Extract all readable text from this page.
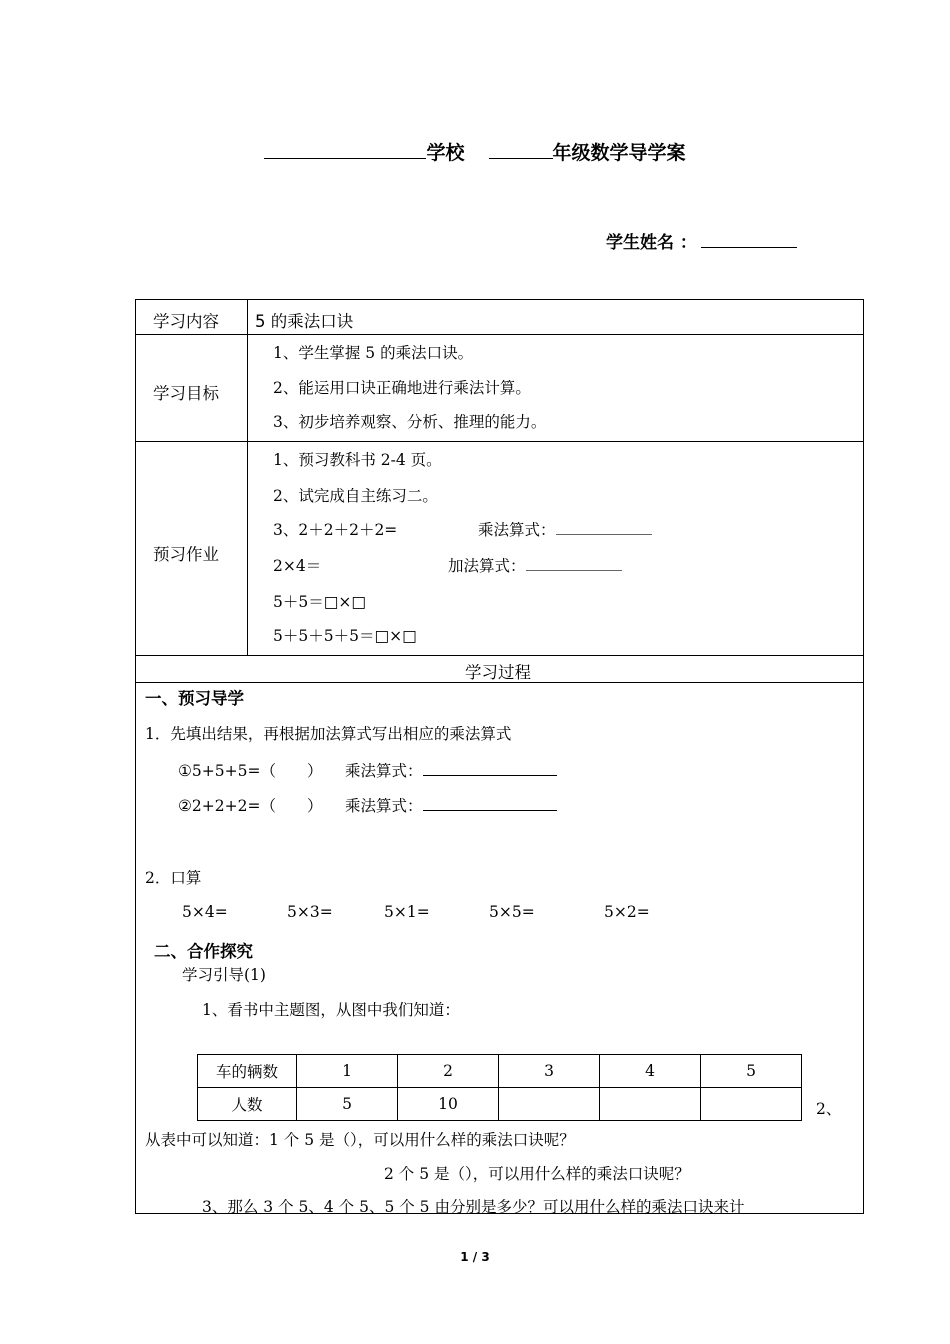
学校	年级数学导学案
学生姓名 ：
学习内容 5 的乘法口诀
学习目标
1、学生掌握 5 的乘法口诀。
2、能运用口诀正确地进行乘法计算。
3、初步培养观察、分析、推理的能力。
预习作业
1、预习教科书 2-4 页。
2、试完成自主练习二。
3、2＋2＋2＋2=	乘法算式：
2×4＝	加法算式：
5＋5＝□×□
5＋5＋5＋5＝□×□
学习过程
一、预习导学
1．先填出结果，再根据加法算式写出相应的乘法算式
①5+5+5=（　　） 乘法算式：
②2+2+2=（　　） 乘法算式：
2．口算
5×4=	5×3=	5×1=	5×5=	5×2=
二、合作探究
学习引导(1)
1、看书中主题图，从图中我们知道：
车的辆数	1	2	3	4	5
人数	5	10				2、
从表中可以知道：1 个 5 是（），可以用什么样的乘法口诀呢？
2 个 5 是（），可以用什么样的乘法口诀呢？
3、那么 3 个 5、4 个 5、5 个 5 由分别是多少？可以用什么样的乘法口诀来计
1 / 3
